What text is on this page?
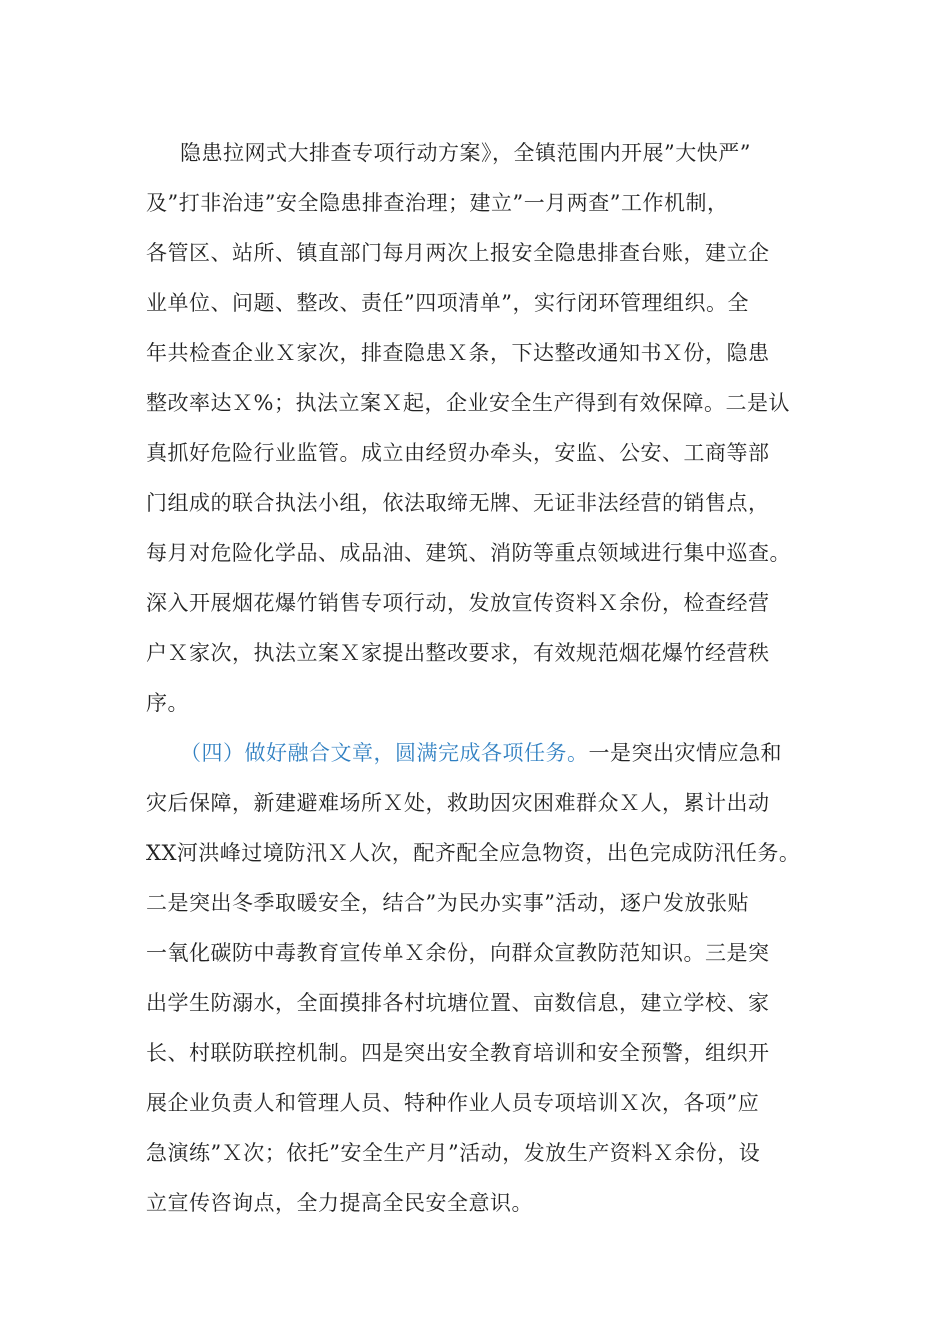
隐患拉网式大排查专项行动方案》，全镇范围内开展”大快严”
及”打非治违”安全隐患排查治理；建立”一月两查”工作机制，
各管区、站所、镇直部门每月两次上报安全隐患排查台账，建立企
业单位、问题、整改、责任”四项清单”，实行闭环管理组织。全
年共检查企业Ｘ家次，排查隐患Ｘ条，下达整改通知书Ｘ份，隐患
整改率达Ｘ%；执法立案Ｘ起，企业安全生产得到有效保障。二是认
真抓好危险行业监管。成立由经贸办牵头，安监、公安、工商等部
门组成的联合执法小组，依法取缔无牌、无证非法经营的销售点，
每月对危险化学品、成品油、建筑、消防等重点领域进行集中巡查。
深入开展烟花爆竹销售专项行动，发放宣传资料Ｘ余份，检查经营
户Ｘ家次，执法立案Ｘ家提出整改要求，有效规范烟花爆竹经营秩
序。
（四）做好融合文章，圆满完成各项任务。一是突出灾情应急和
灾后保障，新建避难场所Ｘ处，救助因灾困难群众Ｘ人，累计出动
XX河洪峰过境防汛Ｘ人次，配齐配全应急物资，出色完成防汛任务。
二是突出冬季取暖安全，结合”为民办实事”活动，逐户发放张贴
一氧化碳防中毒教育宣传单Ｘ余份，向群众宣教防范知识。三是突
出学生防溺水，全面摸排各村坑塘位置、亩数信息，建立学校、家
长、村联防联控机制。四是突出安全教育培训和安全预警，组织开
展企业负责人和管理人员、特种作业人员专项培训Ｘ次，各项”应
急演练”Ｘ次；依托”安全生产月”活动，发放生产资料Ｘ余份，设
立宣传咨询点，全力提高全民安全意识。
